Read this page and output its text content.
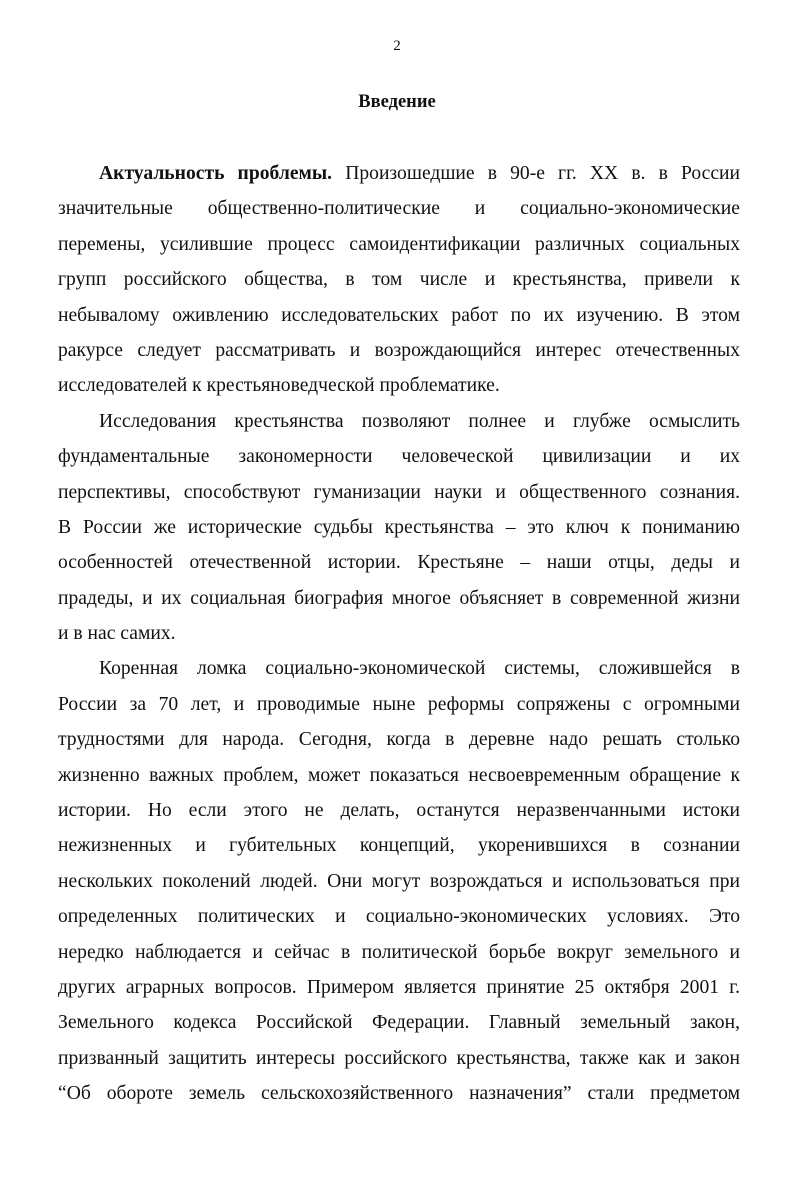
2
Введение
Актуальность проблемы. Произошедшие в 90-е гг. XX в. в России
значительные общественно-политические и социально-экономические
перемены, усилившие процесс самоидентификации различных социальных
групп российского общества, в том числе и крестьянства, привели к
небывалому оживлению исследовательских работ по их изучению. В этом
ракурсе следует рассматривать и возрождающийся интерес отечественных
исследователей к крестьяноведческой проблематике.
Исследования крестьянства позволяют полнее и глубже осмыслить
фундаментальные закономерности человеческой цивилизации и их
перспективы, способствуют гуманизации науки и общественного сознания.
В России же исторические судьбы крестьянства – это ключ к пониманию
особенностей отечественной истории. Крестьяне – наши отцы, деды и
прадеды, и их социальная биография многое объясняет в современной жизни
и в нас самих.
Коренная ломка социально-экономической системы, сложившейся в
России за 70 лет, и проводимые ныне реформы сопряжены с огромными
трудностями для народа. Сегодня, когда в деревне надо решать столько
жизненно важных проблем, может показаться несвоевременным обращение к
истории. Но если этого не делать, останутся неразвенчанными истоки
нежизненных и губительных концепций, укоренившихся в сознании
нескольких поколений людей. Они могут возрождаться и использоваться при
определенных политических и социально-экономических условиях. Это
нередко наблюдается и сейчас в политической борьбе вокруг земельного и
других аграрных вопросов. Примером является принятие 25 октября 2001 г.
Земельного кодекса Российской Федерации. Главный земельный закон,
призванный защитить интересы российского крестьянства, также как и закон
“Об обороте земель сельскохозяйственного назначения” стали предметом
